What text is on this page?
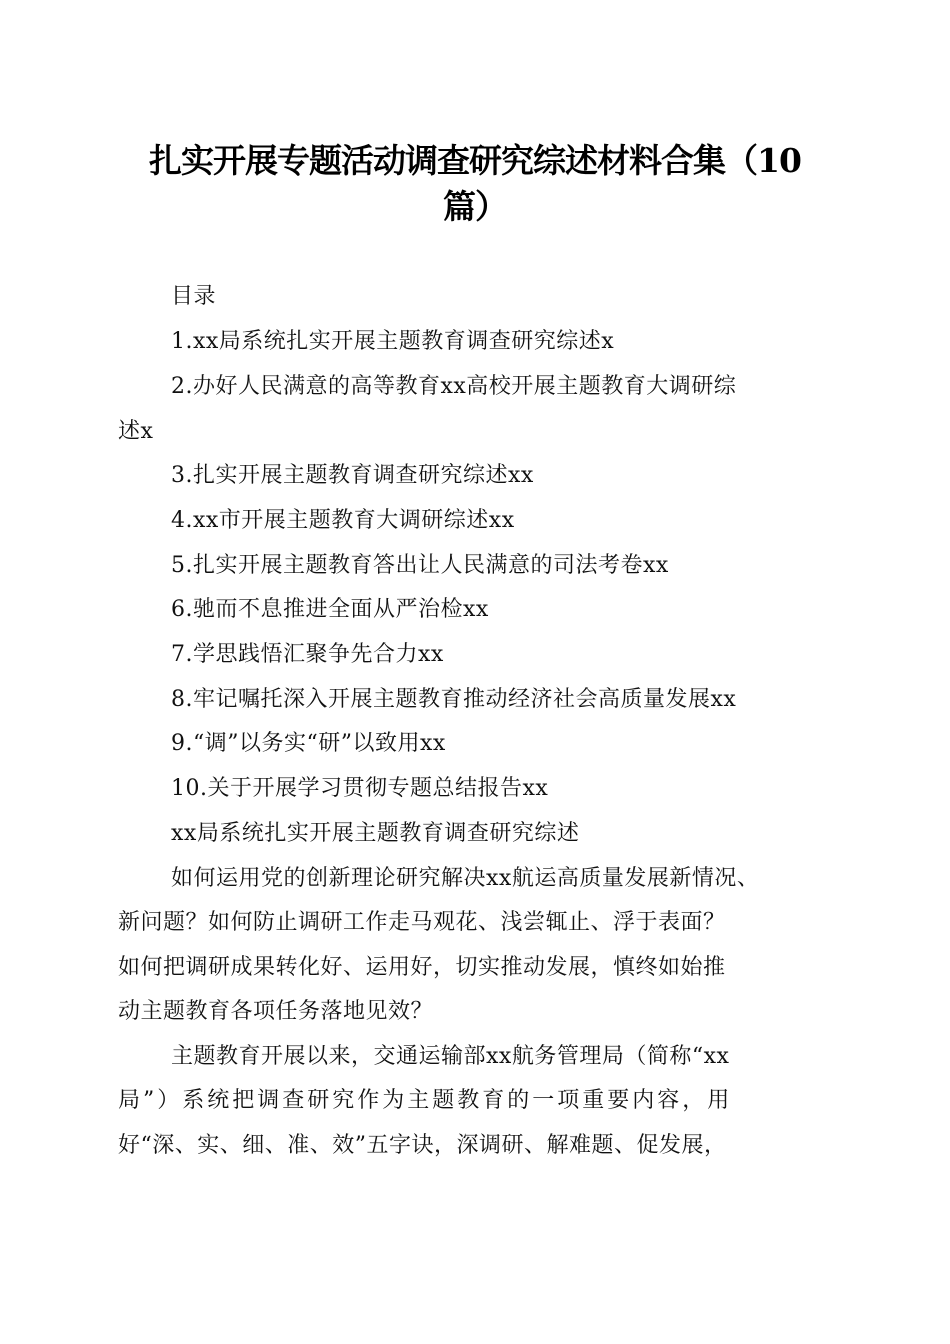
扎实开展专题活动调查研究综述材料合集（10
篇）
目录
1.xx局系统扎实开展主题教育调查研究综述x
2.办好人民满意的高等教育xx高校开展主题教育大调研综
述x
3.扎实开展主题教育调查研究综述xx
4.xx市开展主题教育大调研综述xx
5.扎实开展主题教育答出让人民满意的司法考卷xx
6.驰而不息推进全面从严治检xx
7.学思践悟汇聚争先合力xx
8.牢记嘱托深入开展主题教育推动经济社会高质量发展xx
9.“调”以务实“研”以致用xx
10.关于开展学习贯彻专题总结报告xx
xx局系统扎实开展主题教育调查研究综述
如何运用党的创新理论研究解决xx航运高质量发展新情况、
新问题？如何防止调研工作走马观花、浅尝辄止、浮于表面？
如何把调研成果转化好、运用好，切实推动发展，慎终如始推
动主题教育各项任务落地见效？
主题教育开展以来，交通运输部xx航务管理局（简称“xx
局”）系统把调查研究作为主题教育的一项重要内容，用
好“深、实、细、准、效”五字诀，深调研、解难题、促发展，
